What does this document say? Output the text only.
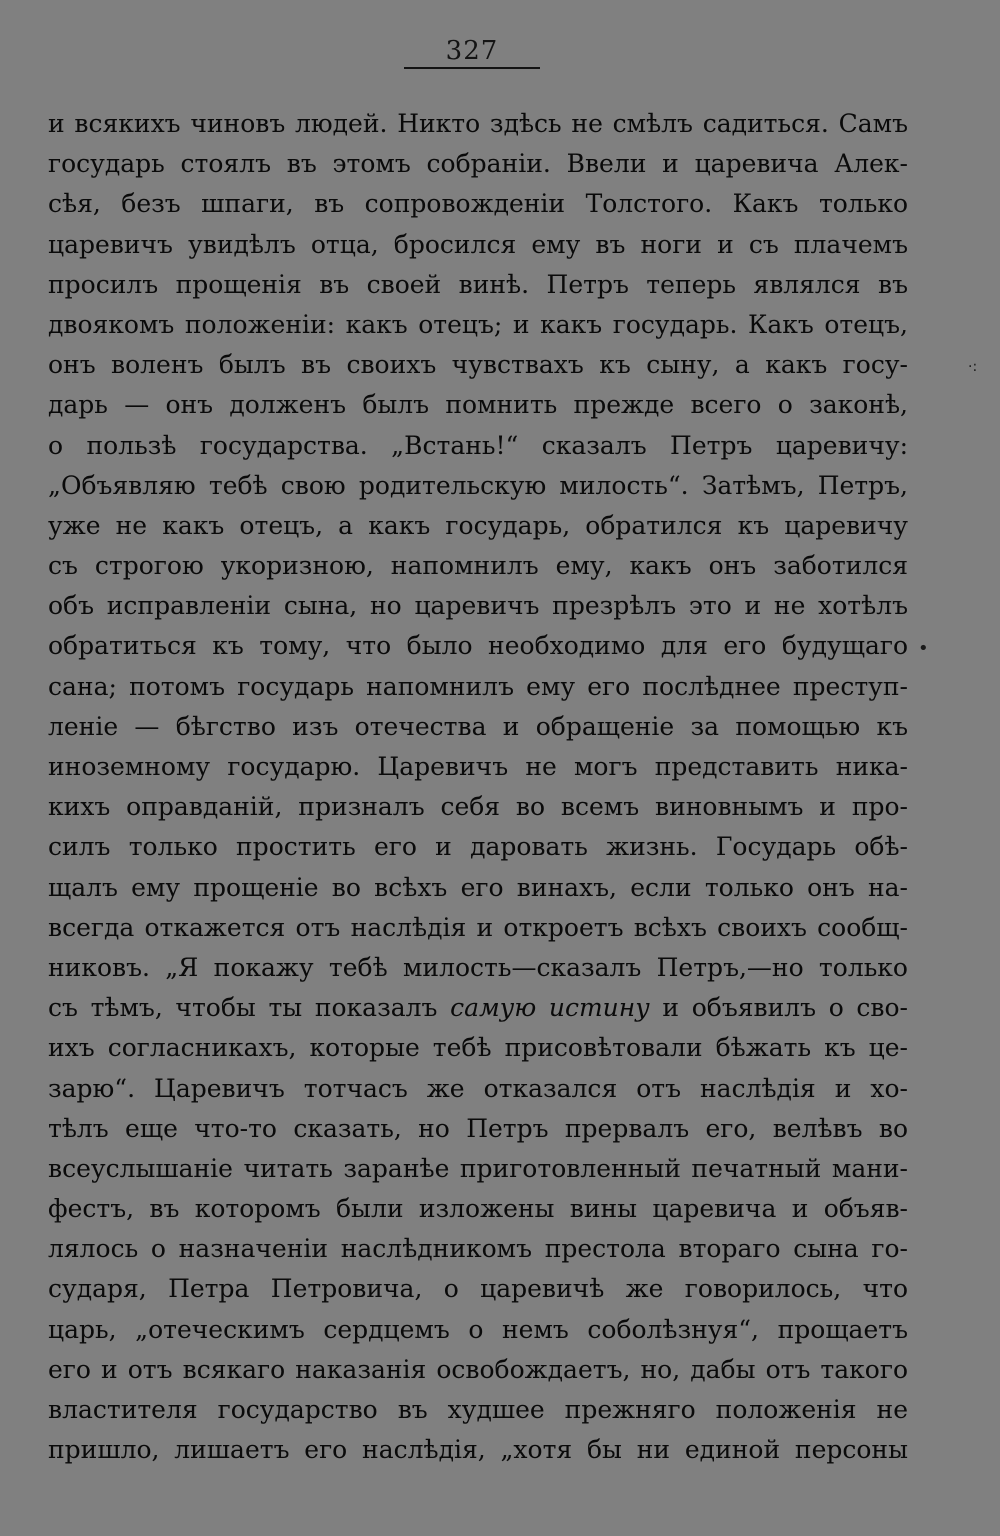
327
и всякихъ чиновъ людей. Никто здѣсь не смѣлъ садиться. Самъ
государь стоялъ въ этомъ собраніи. Ввели и царевича Алек-
сѣя, безъ шпаги, въ сопровожденіи Толстого. Какъ только
царевичъ увидѣлъ отца, бросился ему въ ноги и съ плачемъ
просилъ прощенія въ своей винѣ. Петръ теперь являлся въ
двоякомъ положеніи: какъ отецъ; и какъ государь. Какъ отецъ,
онъ воленъ былъ въ своихъ чувствахъ къ сыну, а какъ госу-
дарь — онъ долженъ былъ помнить прежде всего о законѣ,
о пользѣ государства. „Встань!“ сказалъ Петръ царевичу:
„Объявляю тебѣ свою родительскую милость“. Затѣмъ, Петръ,
уже не какъ отецъ, а какъ государь, обратился къ царевичу
съ строгою укоризною, напомнилъ ему, какъ онъ заботился
объ исправленіи сына, но царевичъ презрѣлъ это и не хотѣлъ
обратиться къ тому, что было необходимо для его будущаго
сана; потомъ государь напомнилъ ему его послѣднее преступ-
леніе — бѣгство изъ отечества и обращеніе за помощью къ
иноземному государю. Царевичъ не могъ представить ника-
кихъ оправданій, призналъ себя во всемъ виновнымъ и про-
силъ только простить его и даровать жизнь. Государь обѣ-
щалъ ему прощеніе во всѣхъ его винахъ, если только онъ на-
всегда откажется отъ наслѣдія и откроетъ всѣхъ своихъ сообщ-
никовъ. „Я покажу тебѣ милость—сказалъ Петръ,—но только
съ тѣмъ, чтобы ты показалъ самую истину и объявилъ о сво-
ихъ согласникахъ, которые тебѣ присовѣтовали бѣжать къ це-
зарю“. Царевичъ тотчасъ же отказался отъ наслѣдія и хо-
тѣлъ еще что-то сказать, но Петръ прервалъ его, велѣвъ во
всеуслышаніе читать заранѣе приготовленный печатный мани-
фестъ, въ которомъ были изложены вины царевича и объяв-
лялось о назначеніи наслѣдникомъ престола втораго сына го-
сударя, Петра Петровича, о царевичѣ же говорилось, что
царь, „отеческимъ сердцемъ о немъ соболѣзнуя“, прощаетъ
его и отъ всякаго наказанія освобождаетъ, но, дабы отъ такого
властителя государство въ худшее прежняго положенія не
пришло, лишаетъ его наслѣдія, „хотя бы ни единой персоны
·:
•
